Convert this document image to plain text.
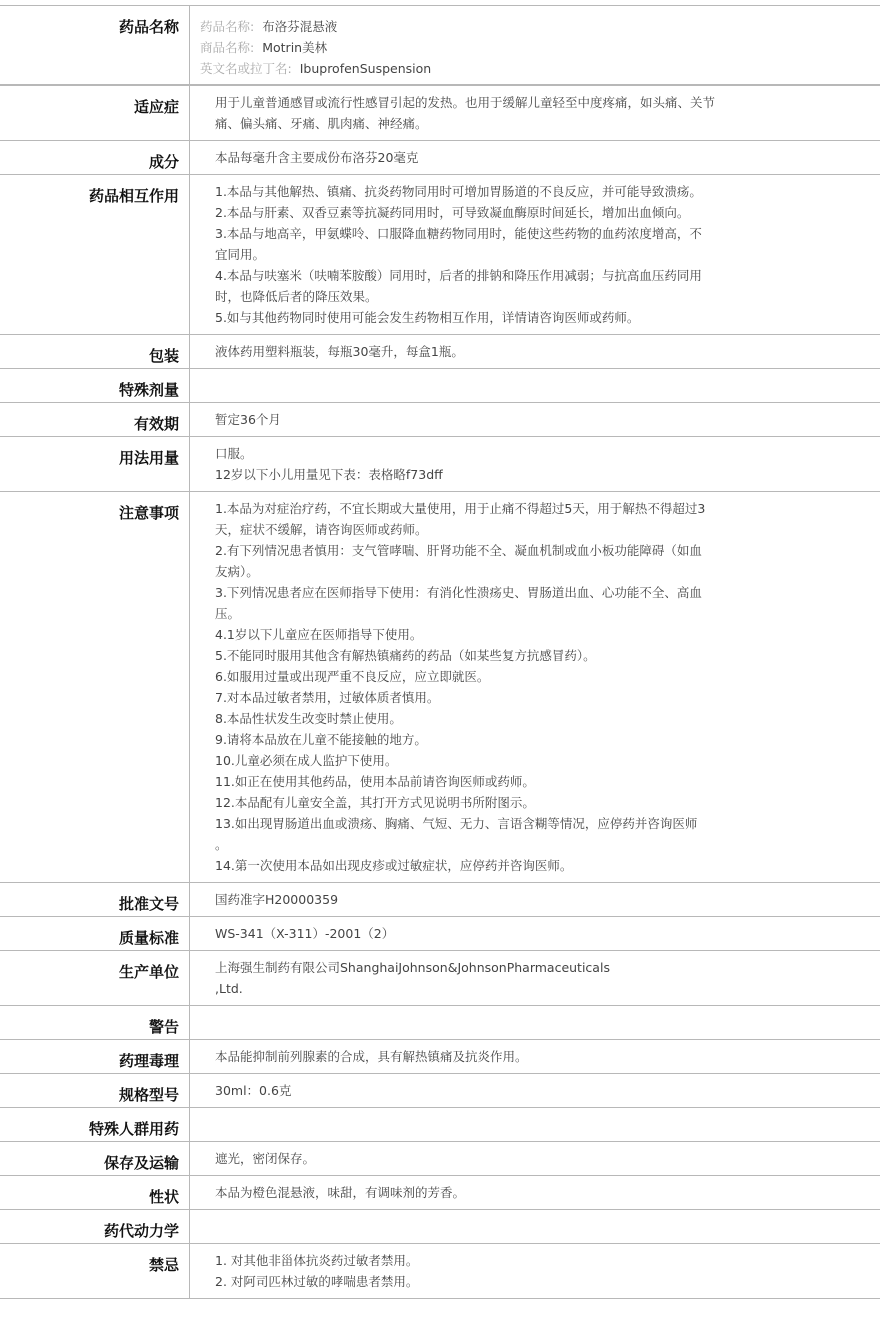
药品名称	药品名称: 布洛芬混悬液
商品名称: Motrin美林
英文名或拉丁名: IbuprofenSuspension
适应症	用于儿童普通感冒或流行性感冒引起的发热。也用于缓解儿童轻至中度疼痛，如头痛、关节
痛、偏头痛、牙痛、肌肉痛、神经痛。
成分	本品每毫升含主要成份布洛芬20毫克
药品相互作用	1.本品与其他解热、镇痛、抗炎药物同用时可增加胃肠道的不良反应，并可能导致溃疡。
2.本品与肝素、双香豆素等抗凝药同用时，可导致凝血酶原时间延长，增加出血倾向。
3.本品与地高辛，甲氨蝶呤、口服降血糖药物同用时，能使这些药物的血药浓度增高，不
宜同用。
4.本品与呋塞米（呋喃苯胺酸）同用时，后者的排钠和降压作用减弱；与抗高血压药同用
时，也降低后者的降压效果。
5.如与其他药物同时使用可能会发生药物相互作用，详情请咨询医师或药师。
包装	液体药用塑料瓶装，每瓶30毫升，每盒1瓶。
特殊剂量

有效期	暂定36个月
用法用量	口服。
12岁以下小儿用量见下表：表格略f73dff
注意事项	1.本品为对症治疗药，不宜长期或大量使用，用于止痛不得超过5天，用于解热不得超过3
天，症状不缓解，请咨询医师或药师。
2.有下列情况患者慎用：支气管哮喘、肝肾功能不全、凝血机制或血小板功能障碍（如血
友病）。
3.下列情况患者应在医师指导下使用：有消化性溃疡史、胃肠道出血、心功能不全、高血
压。
4.1岁以下儿童应在医师指导下使用。
5.不能同时服用其他含有解热镇痛药的药品（如某些复方抗感冒药）。
6.如服用过量或出现严重不良反应，应立即就医。
7.对本品过敏者禁用，过敏体质者慎用。
8.本品性状发生改变时禁止使用。
9.请将本品放在儿童不能接触的地方。
10.儿童必须在成人监护下使用。
11.如正在使用其他药品，使用本品前请咨询医师或药师。
12.本品配有儿童安全盖，其打开方式见说明书所附图示。
13.如出现胃肠道出血或溃疡、胸痛、气短、无力、言语含糊等情况，应停药并咨询医师
。
14.第一次使用本品如出现皮疹或过敏症状，应停药并咨询医师。
批准文号	国药准字H20000359
质量标准	WS-341（X-311）-2001（2）
生产单位	上海强生制药有限公司ShanghaiJohnson&JohnsonPharmaceuticals
,Ltd.
警告

药理毒理	本品能抑制前列腺素的合成，具有解热镇痛及抗炎作用。
规格型号	30ml：0.6克
特殊人群用药

保存及运输	遮光，密闭保存。
性状	本品为橙色混悬液，味甜，有调味剂的芳香。
药代动力学

禁忌	1. 对其他非甾体抗炎药过敏者禁用。
2. 对阿司匹林过敏的哮喘患者禁用。
